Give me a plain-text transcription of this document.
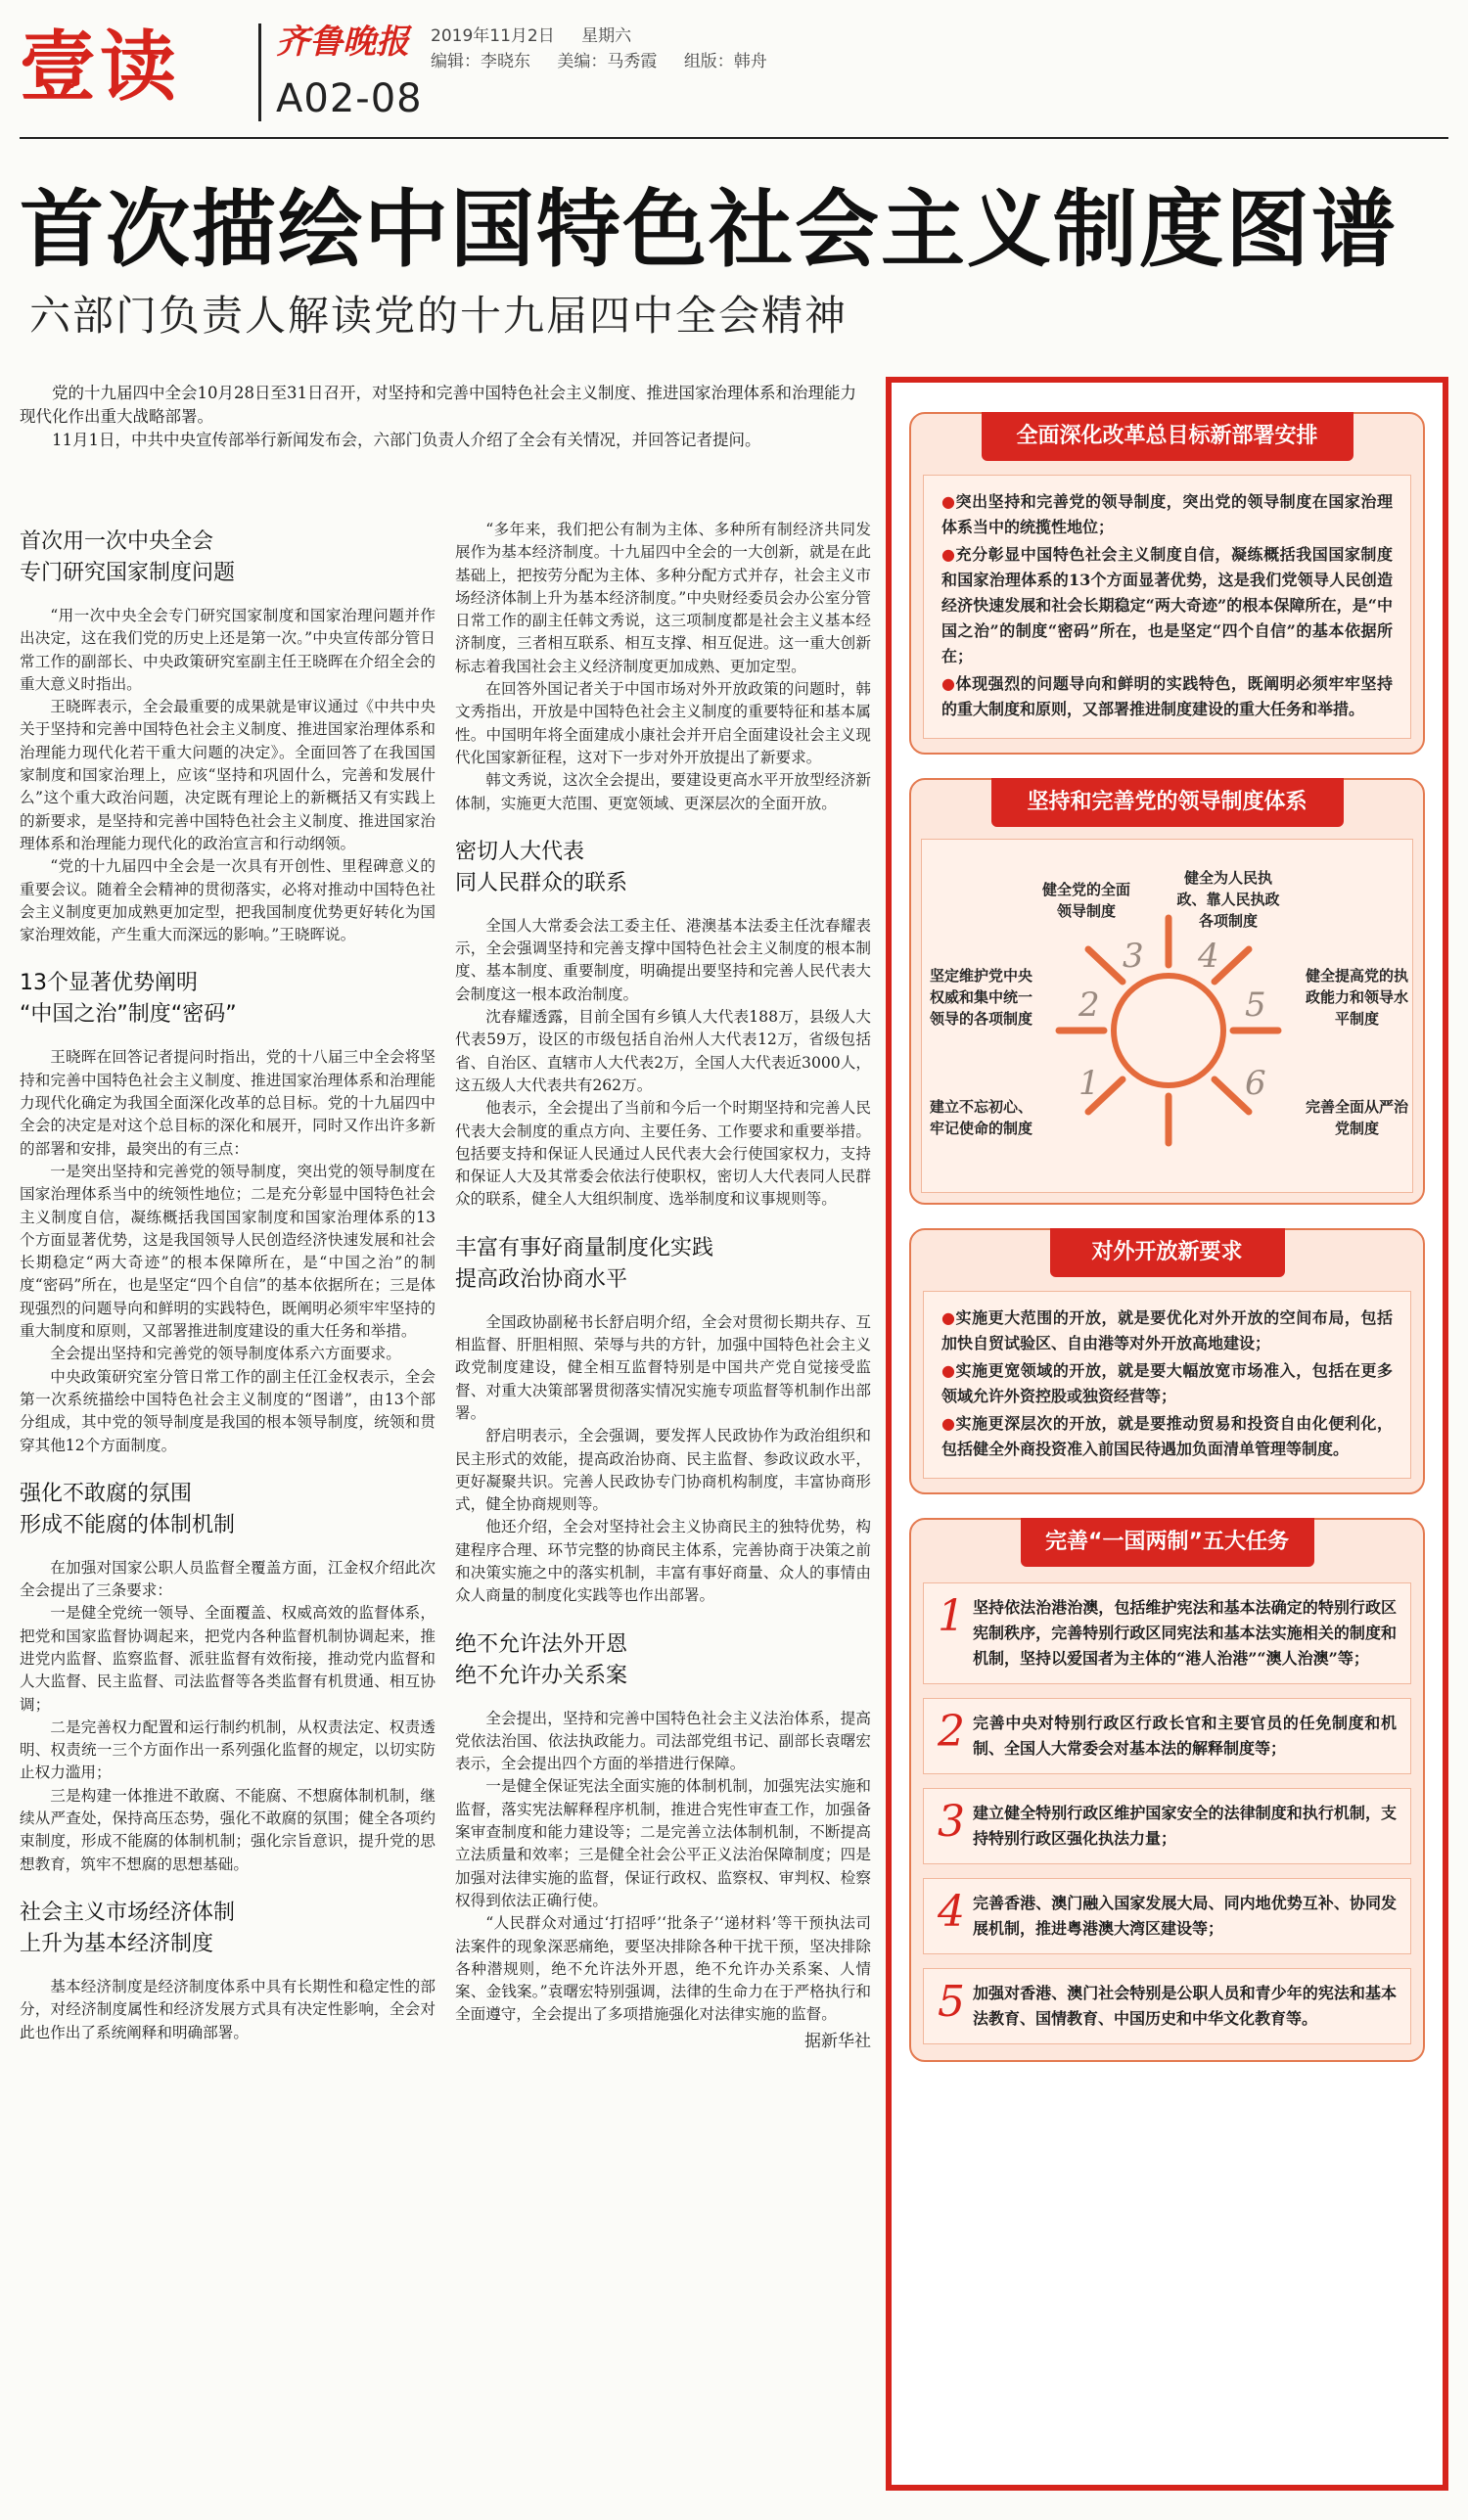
壹读	齐鲁晚报
A02-08
2019年11月2日 星期六
编辑：李晓东 美编：马秀霞 组版：韩舟
首次描绘中国特色社会主义制度图谱
六部门负责人解读党的十九届四中全会精神

党的十九届四中全会10月28日至31日召开，对坚持和完善中国特色社会主义制度、推进国家治理体系和治理能力现代化作出重大战略部署。

11月1日，中共中央宣传部举行新闻发布会，六部门负责人介绍了全会有关情况，并回答记者提问。

首次用一次中央全会
专门研究国家制度问题

“用一次中央全会专门研究国家制度和国家治理问题并作出决定，这在我们党的历史上还是第一次。”中央宣传部分管日常工作的副部长、中央政策研究室副主任王晓晖在介绍全会的重大意义时指出。

王晓晖表示，全会最重要的成果就是审议通过《中共中央关于坚持和完善中国特色社会主义制度、推进国家治理体系和治理能力现代化若干重大问题的决定》。全面回答了在我国国家制度和国家治理上，应该“坚持和巩固什么，完善和发展什么”这个重大政治问题，决定既有理论上的新概括又有实践上的新要求，是坚持和完善中国特色社会主义制度、推进国家治理体系和治理能力现代化的政治宣言和行动纲领。

“党的十九届四中全会是一次具有开创性、里程碑意义的重要会议。随着全会精神的贯彻落实，必将对推动中国特色社会主义制度更加成熟更加定型，把我国制度优势更好转化为国家治理效能，产生重大而深远的影响。”王晓晖说。

13个显著优势阐明
“中国之治”制度“密码”

王晓晖在回答记者提问时指出，党的十八届三中全会将坚持和完善中国特色社会主义制度、推进国家治理体系和治理能力现代化确定为我国全面深化改革的总目标。党的十九届四中全会的决定是对这个总目标的深化和展开，同时又作出许多新的部署和安排，最突出的有三点：

一是突出坚持和完善党的领导制度，突出党的领导制度在国家治理体系当中的统领性地位；二是充分彰显中国特色社会主义制度自信，凝练概括我国国家制度和国家治理体系的13个方面显著优势，这是我国领导人民创造经济快速发展和社会长期稳定“两大奇迹”的根本保障所在，是“中国之治”的制度“密码”所在，也是坚定“四个自信”的基本依据所在；三是体现强烈的问题导向和鲜明的实践特色，既阐明必须牢牢坚持的重大制度和原则，又部署推进制度建设的重大任务和举措。

全会提出坚持和完善党的领导制度体系六方面要求。

中央政策研究室分管日常工作的副主任江金权表示，全会第一次系统描绘中国特色社会主义制度的“图谱”，由13个部分组成，其中党的领导制度是我国的根本领导制度，统领和贯穿其他12个方面制度。

强化不敢腐的氛围
形成不能腐的体制机制

在加强对国家公职人员监督全覆盖方面，江金权介绍此次全会提出了三条要求：

一是健全党统一领导、全面覆盖、权威高效的监督体系，把党和国家监督协调起来，把党内各种监督机制协调起来，推进党内监督、监察监督、派驻监督有效衔接，推动党内监督和人大监督、民主监督、司法监督等各类监督有机贯通、相互协调；

二是完善权力配置和运行制约机制，从权责法定、权责透明、权责统一三个方面作出一系列强化监督的规定，以切实防止权力滥用；

三是构建一体推进不敢腐、不能腐、不想腐体制机制，继续从严查处，保持高压态势，强化不敢腐的氛围；健全各项约束制度，形成不能腐的体制机制；强化宗旨意识，提升党的思想教育，筑牢不想腐的思想基础。

社会主义市场经济体制
上升为基本经济制度

基本经济制度是经济制度体系中具有长期性和稳定性的部分，对经济制度属性和经济发展方式具有决定性影响，全会对此也作出了系统阐释和明确部署。

“多年来，我们把公有制为主体、多种所有制经济共同发展作为基本经济制度。十九届四中全会的一大创新，就是在此基础上，把按劳分配为主体、多种分配方式并存，社会主义市场经济体制上升为基本经济制度。”中央财经委员会办公室分管日常工作的副主任韩文秀说，这三项制度都是社会主义基本经济制度，三者相互联系、相互支撑、相互促进。这一重大创新标志着我国社会主义经济制度更加成熟、更加定型。

在回答外国记者关于中国市场对外开放政策的问题时，韩文秀指出，开放是中国特色社会主义制度的重要特征和基本属性。中国明年将全面建成小康社会并开启全面建设社会主义现代化国家新征程，这对下一步对外开放提出了新要求。

韩文秀说，这次全会提出，要建设更高水平开放型经济新体制，实施更大范围、更宽领域、更深层次的全面开放。

密切人大代表
同人民群众的联系

全国人大常委会法工委主任、港澳基本法委主任沈春耀表示，全会强调坚持和完善支撑中国特色社会主义制度的根本制度、基本制度、重要制度，明确提出要坚持和完善人民代表大会制度这一根本政治制度。

沈春耀透露，目前全国有乡镇人大代表188万，县级人大代表59万，设区的市级包括自治州人大代表12万，省级包括省、自治区、直辖市人大代表2万，全国人大代表近3000人，这五级人大代表共有262万。

他表示，全会提出了当前和今后一个时期坚持和完善人民代表大会制度的重点方向、主要任务、工作要求和重要举措。包括要支持和保证人民通过人民代表大会行使国家权力，支持和保证人大及其常委会依法行使职权，密切人大代表同人民群众的联系，健全人大组织制度、选举制度和议事规则等。

丰富有事好商量制度化实践
提高政治协商水平

全国政协副秘书长舒启明介绍，全会对贯彻长期共存、互相监督、肝胆相照、荣辱与共的方针，加强中国特色社会主义政党制度建设，健全相互监督特别是中国共产党自觉接受监督、对重大决策部署贯彻落实情况实施专项监督等机制作出部署。

舒启明表示，全会强调，要发挥人民政协作为政治组织和民主形式的效能，提高政治协商、民主监督、参政议政水平，更好凝聚共识。完善人民政协专门协商机构制度，丰富协商形式，健全协商规则等。

他还介绍，全会对坚持社会主义协商民主的独特优势，构建程序合理、环节完整的协商民主体系，完善协商于决策之前和决策实施之中的落实机制，丰富有事好商量、众人的事情由众人商量的制度化实践等也作出部署。

绝不允许法外开恩
绝不允许办关系案

全会提出，坚持和完善中国特色社会主义法治体系，提高党依法治国、依法执政能力。司法部党组书记、副部长袁曙宏表示，全会提出四个方面的举措进行保障。

一是健全保证宪法全面实施的体制机制，加强宪法实施和监督，落实宪法解释程序机制，推进合宪性审查工作，加强备案审查制度和能力建设等；二是完善立法体制机制，不断提高立法质量和效率；三是健全社会公平正义法治保障制度；四是加强对法律实施的监督，保证行政权、监察权、审判权、检察权得到依法正确行使。

“人民群众对通过‘打招呼’‘批条子’‘递材料’等干预执法司法案件的现象深恶痛绝，要坚决排除各种干扰干预，坚决排除各种潜规则，绝不允许法外开恩，绝不允许办关系案、人情案、金钱案。”袁曙宏特别强调，法律的生命力在于严格执行和全面遵守，全会提出了多项措施强化对法律实施的监督。

据新华社
全面深化改革总目标新部署安排

●突出坚持和完善党的领导制度，突出党的领导制度在国家治理体系当中的统揽性地位；

●充分彰显中国特色社会主义制度自信，凝练概括我国国家制度和国家治理体系的13个方面显著优势，这是我们党领导人民创造经济快速发展和社会长期稳定“两大奇迹”的根本保障所在，是“中国之治”的制度“密码”所在，也是坚定“四个自信”的基本依据所在；

●体现强烈的问题导向和鲜明的实践特色，既阐明必须牢牢坚持的重大制度和原则，又部署推进制度建设的重大任务和举措。

坚持和完善党的领导制度体系
1
2
3 4
5
6
健全党的全面领导制度
健全为人民执政、靠人民执政各项制度
坚定维护党中央权威和集中统一领导的各项制度
健全提高党的执政能力和领导水平制度
建立不忘初心、牢记使命的制度
完善全面从严治党制度
对外开放新要求

●实施更大范围的开放，就是要优化对外开放的空间布局，包括加快自贸试验区、自由港等对外开放高地建设；

●实施更宽领域的开放，就是要大幅放宽市场准入，包括在更多领域允许外资控股或独资经营等；

●实施更深层次的开放，就是要推动贸易和投资自由化便利化，包括健全外商投资准入前国民待遇加负面清单管理等制度。

完善“一国两制”五大任务
1 坚持依法治港治澳，包括维护宪法和基本法确定的特别行政区宪制秩序，完善特别行政区同宪法和基本法实施相关的制度和机制，坚持以爱国者为主体的“港人治港”“澳人治澳”等；
2 完善中央对特别行政区行政长官和主要官员的任免制度和机制、全国人大常委会对基本法的解释制度等；
3 建立健全特别行政区维护国家安全的法律制度和执行机制，支持特别行政区强化执法力量；
4 完善香港、澳门融入国家发展大局、同内地优势互补、协同发展机制，推进粤港澳大湾区建设等；
5 加强对香港、澳门社会特别是公职人员和青少年的宪法和基本法教育、国情教育、中国历史和中华文化教育等。
